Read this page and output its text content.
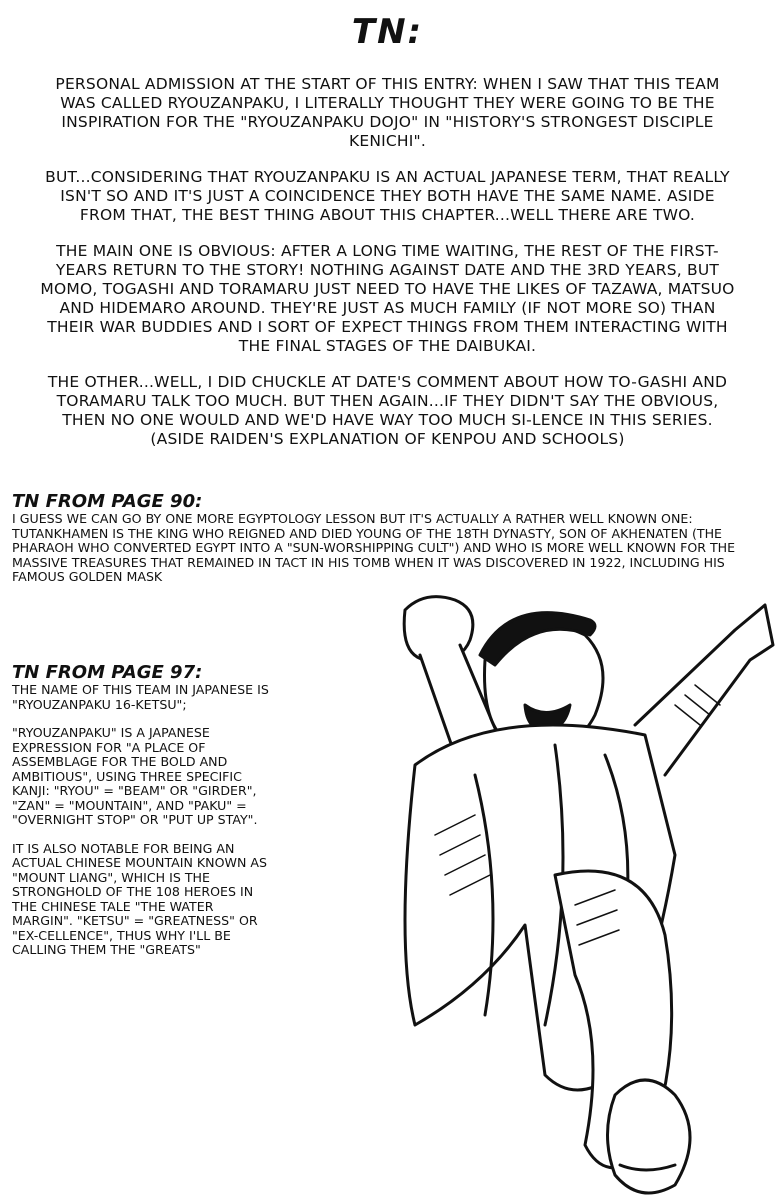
TN:

PERSONAL ADMISSION AT THE START OF THIS ENTRY: WHEN I SAW THAT THIS TEAM WAS CALLED RYOUZANPAKU, I LITERALLY THOUGHT THEY WERE GOING TO BE THE INSPIRATION FOR THE "RYOUZANPAKU DOJO" IN "HISTORY'S STRONGEST DISCIPLE KENICHI".

BUT...CONSIDERING THAT RYOUZANPAKU IS AN ACTUAL JAPANESE TERM, THAT REALLY ISN'T SO AND IT'S JUST A COINCIDENCE THEY BOTH HAVE THE SAME NAME. ASIDE FROM THAT, THE BEST THING ABOUT THIS CHAPTER...WELL THERE ARE TWO.

THE MAIN ONE IS OBVIOUS: AFTER A LONG TIME WAITING, THE REST OF THE FIRST-YEARS RETURN TO THE STORY! NOTHING AGAINST DATE AND THE 3RD YEARS, BUT MOMO, TOGASHI AND TORAMARU JUST NEED TO HAVE THE LIKES OF TAZAWA, MATSUO AND HIDEMARO AROUND. THEY'RE JUST AS MUCH FAMILY (IF NOT MORE SO) THAN THEIR WAR BUDDIES AND I SORT OF EXPECT THINGS FROM THEM INTERACTING WITH THE FINAL STAGES OF THE DAIBUKAI.

THE OTHER...WELL, I DID CHUCKLE AT DATE'S COMMENT ABOUT HOW TO-GASHI AND TORAMARU TALK TOO MUCH. BUT THEN AGAIN...IF THEY DIDN'T SAY THE OBVIOUS, THEN NO ONE WOULD AND WE'D HAVE WAY TOO MUCH SI-LENCE IN THIS SERIES. (ASIDE RAIDEN'S EXPLANATION OF KENPOU AND SCHOOLS)

TN FROM PAGE 90:

I GUESS WE CAN GO BY ONE MORE EGYPTOLOGY LESSON BUT IT'S ACTUALLY A RATHER WELL KNOWN ONE: TUTANKHAMEN IS THE KING WHO REIGNED AND DIED YOUNG OF THE 18TH DYNASTY, SON OF AKHENATEN (THE PHARAOH WHO CONVERTED EGYPT INTO A "SUN-WORSHIPPING CULT") AND WHO IS MORE WELL KNOWN FOR THE MASSIVE TREASURES THAT REMAINED IN TACT IN HIS TOMB WHEN IT WAS DISCOVERED IN 1922, INCLUDING HIS FAMOUS GOLDEN MASK

TN FROM PAGE 97:

THE NAME OF THIS TEAM IN JAPANESE IS "RYOUZANPAKU 16-KETSU";

"RYOUZANPAKU" IS A JAPANESE EXPRESSION FOR "A PLACE OF ASSEMBLAGE FOR THE BOLD AND AMBITIOUS", USING THREE SPECIFIC KANJI: "RYOU" = "BEAM" OR "GIRDER", "ZAN" = "MOUNTAIN", AND "PAKU" = "OVERNIGHT STOP" OR "PUT UP STAY".

IT IS ALSO NOTABLE FOR BEING AN ACTUAL CHINESE MOUNTAIN KNOWN AS "MOUNT LIANG", WHICH IS THE STRONGHOLD OF THE 108 HEROES IN THE CHINESE TALE "THE WATER MARGIN". "KETSU" = "GREATNESS" OR "EX-CELLENCE", THUS WHY I'LL BE CALLING THEM THE "GREATS"
